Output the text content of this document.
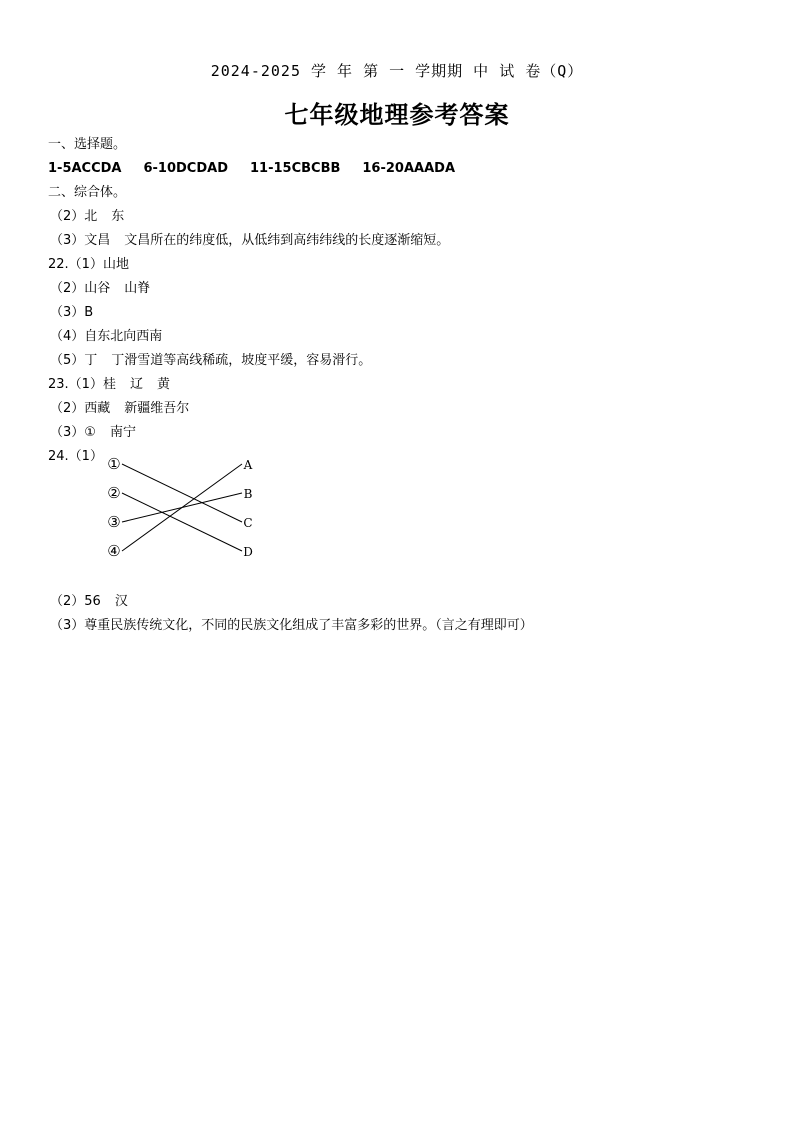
2024-2025 学 年 第 一 学期期 中 试 卷（Q）
七年级地理参考答案
一、选择题。
1-5ACCDA 6-10DCDAD 11-15CBCBB 16-20AAADA
二、综合体。
（2）北 东
（3）文昌 文昌所在的纬度低，从低纬到高纬纬线的长度逐渐缩短。
22.（1）山地
（2）山谷 山脊
（3）B
（4）自东北向西南
（5）丁 丁滑雪道等高线稀疏，坡度平缓，容易滑行。
23.（1）桂 辽 黄
（2）西藏 新疆维吾尔
（3）① 南宁
24.（1） ①
②
③
④
A
B
C
D
（2）56 汉
（3）尊重民族传统文化，不同的民族文化组成了丰富多彩的世界。（言之有理即可）
